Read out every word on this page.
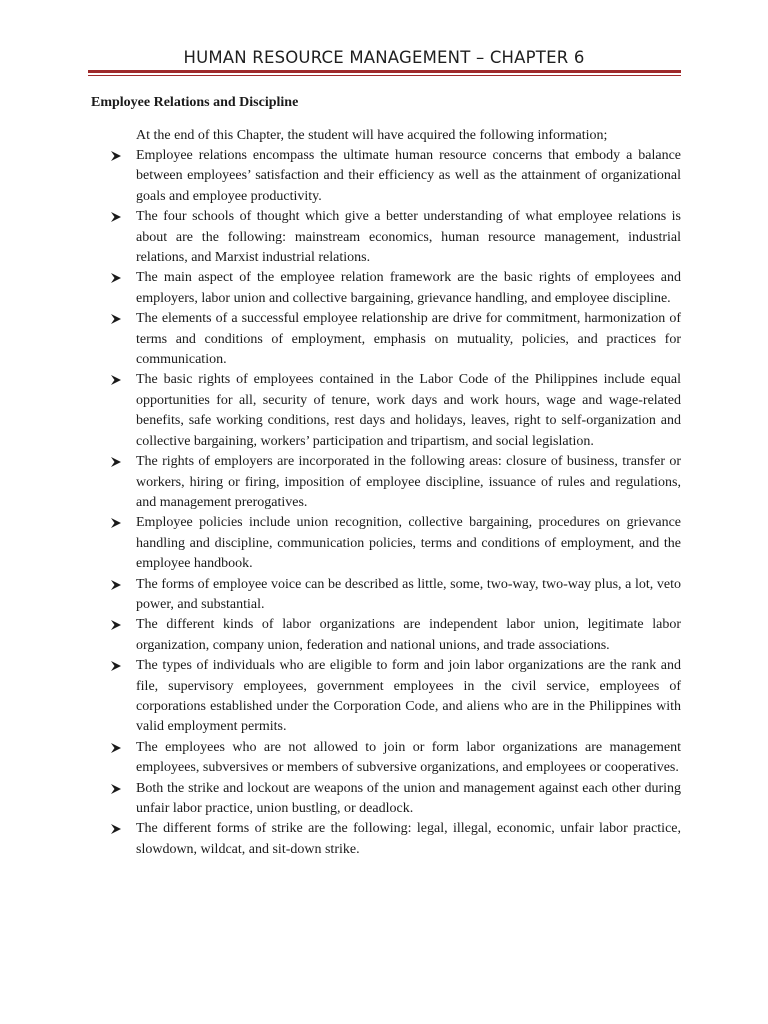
HUMAN RESOURCE MANAGEMENT – CHAPTER 6
Employee Relations and Discipline
At the end of this Chapter, the student will have acquired the following information;
Employee relations encompass the ultimate human resource concerns that embody a balance between employees’ satisfaction and their efficiency as well as the attainment of organizational goals and employee productivity.
The four schools of thought which give a better understanding of what employee relations is about are the following: mainstream economics, human resource management, industrial relations, and Marxist industrial relations.
The main aspect of the employee relation framework are the basic rights of employees and employers, labor union and collective bargaining, grievance handling, and employee discipline.
The elements of a successful employee relationship are drive for commitment, harmonization of terms and conditions of employment, emphasis on mutuality, policies, and practices for communication.
The basic rights of employees contained in the Labor Code of the Philippines include equal opportunities for all, security of tenure, work days and work hours, wage and wage-related benefits, safe working conditions, rest days and holidays, leaves, right to self-organization and collective bargaining, workers’ participation and tripartism, and social legislation.
The rights of employers are incorporated in the following areas: closure of business, transfer or workers, hiring or firing, imposition of employee discipline, issuance of rules and regulations, and management prerogatives.
Employee policies include union recognition, collective bargaining, procedures on grievance handling and discipline, communication policies, terms and conditions of employment, and the employee handbook.
The forms of employee voice can be described as little, some, two-way, two-way plus, a lot, veto power, and substantial.
The different kinds of labor organizations are independent labor union, legitimate labor organization, company union, federation and national unions, and trade associations.
The types of individuals who are eligible to form and join labor organizations are the rank and file, supervisory employees, government employees in the civil service, employees of corporations established under the Corporation Code, and aliens who are in the Philippines with valid employment permits.
The employees who are not allowed to join or form labor organizations are management employees, subversives or members of subversive organizations, and employees or cooperatives.
Both the strike and lockout are weapons of the union and management against each other during unfair labor practice, union bustling, or deadlock.
The different forms of strike are the following: legal, illegal, economic, unfair labor practice, slowdown, wildcat, and sit-down strike.
